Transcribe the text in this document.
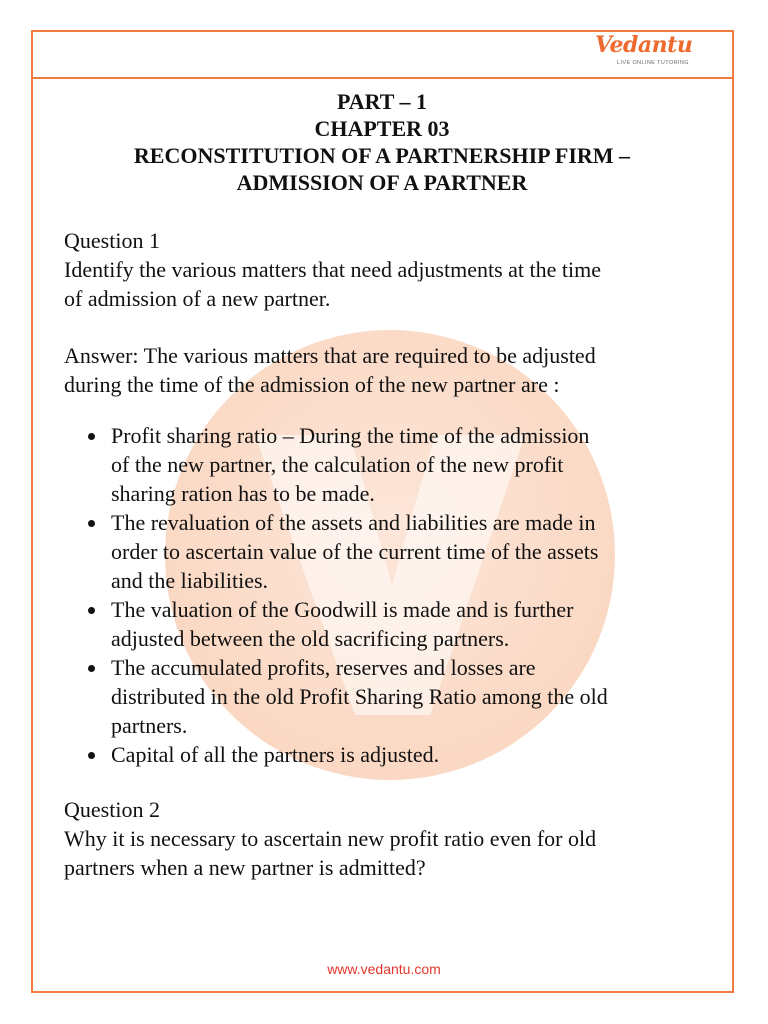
Vedantu
LIVE ONLINE TUTORING
PART – 1
CHAPTER 03
RECONSTITUTION OF A PARTNERSHIP FIRM –
ADMISSION OF A PARTNER

Question 1

Identify the various matters that need adjustments at the time

of admission of a new partner.

Answer: The various matters that are required to be adjusted

during the time of the admission of the new partner are :

Profit sharing ratio – During the time of the admission
of the new partner, the calculation of the new profit
sharing ration has to be made.
The revaluation of the assets and liabilities are made in
order to ascertain value of the current time of the assets
and the liabilities.
The valuation of the Goodwill is made and is further
adjusted between the old sacrificing partners.
The accumulated profits, reserves and losses are
distributed in the old Profit Sharing Ratio among the old
partners.
Capital of all the partners is adjusted.

Question 2

Why it is necessary to ascertain new profit ratio even for old

partners when a new partner is admitted?

www.vedantu.com
